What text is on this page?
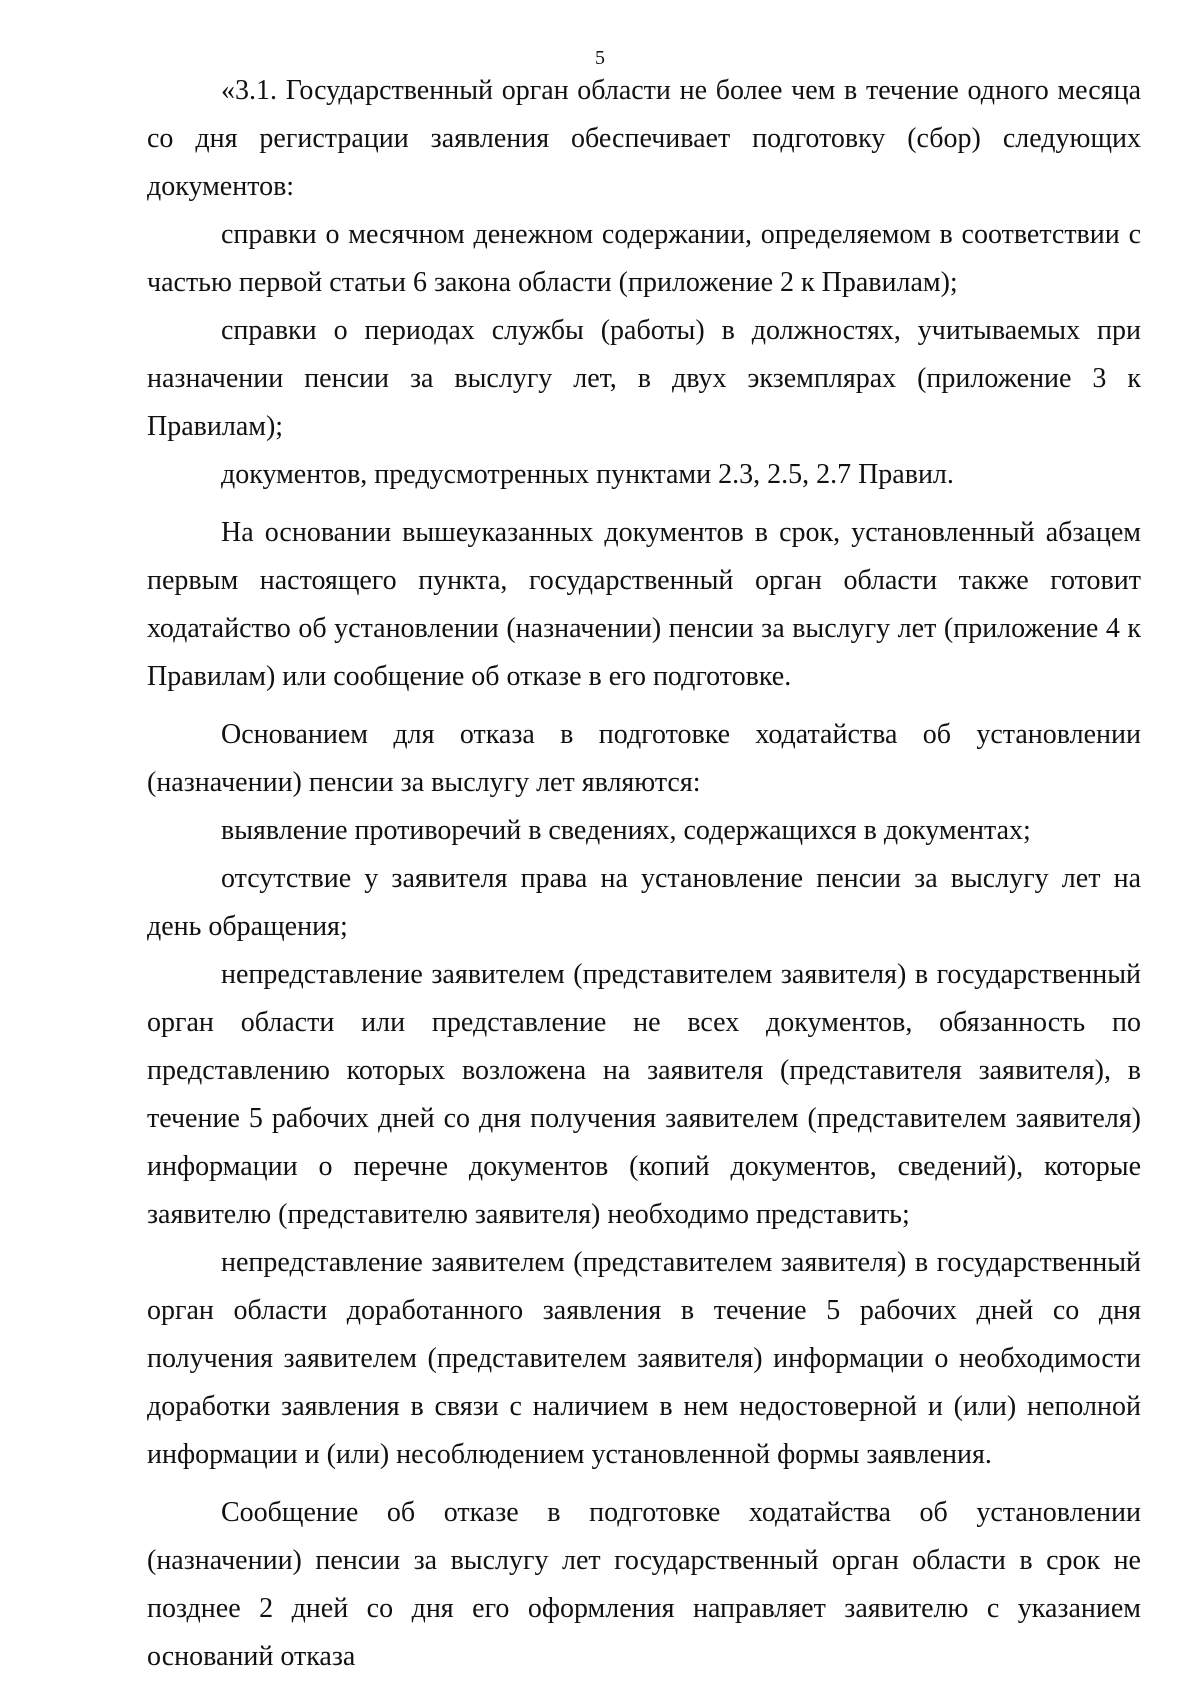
5

«3.1. Государственный орган области не более чем в течение одного месяца со дня регистрации заявления обеспечивает подготовку (сбор) следующих документов:

справки о месячном денежном содержании, определяемом в соответствии с частью первой статьи 6 закона области (приложение 2 к Правилам);

справки о периодах службы (работы) в должностях, учитываемых при назначении пенсии за выслугу лет, в двух экземплярах (приложение 3 к Правилам);

документов, предусмотренных пунктами 2.3, 2.5, 2.7 Правил.

На основании вышеуказанных документов в срок, установленный абзацем первым настоящего пункта, государственный орган области также готовит ходатайство об установлении (назначении) пенсии за выслугу лет (приложение 4 к Правилам) или сообщение об отказе в его подготовке.

Основанием для отказа в подготовке ходатайства об установлении (назначении) пенсии за выслугу лет являются:

выявление противоречий в сведениях, содержащихся в документах;

отсутствие у заявителя права на установление пенсии за выслугу лет на день обращения;

непредставление заявителем (представителем заявителя) в государственный орган области или представление не всех документов, обязанность по представлению которых возложена на заявителя (представителя заявителя), в течение 5 рабочих дней со дня получения заявителем (представителем заявителя) информации о перечне документов (копий документов, сведений), которые заявителю (представителю заявителя) необходимо представить;

непредставление заявителем (представителем заявителя) в государственный орган области доработанного заявления в течение 5 рабочих дней со дня получения заявителем (представителем заявителя) информации о необходимости доработки заявления в связи с наличием в нем недостоверной и (или) неполной информации и (или) несоблюдением установленной формы заявления.

Сообщение об отказе в подготовке ходатайства об установлении (назначении) пенсии за выслугу лет государственный орган области в срок не позднее 2 дней со дня его оформления направляет заявителю с указанием оснований отказа
